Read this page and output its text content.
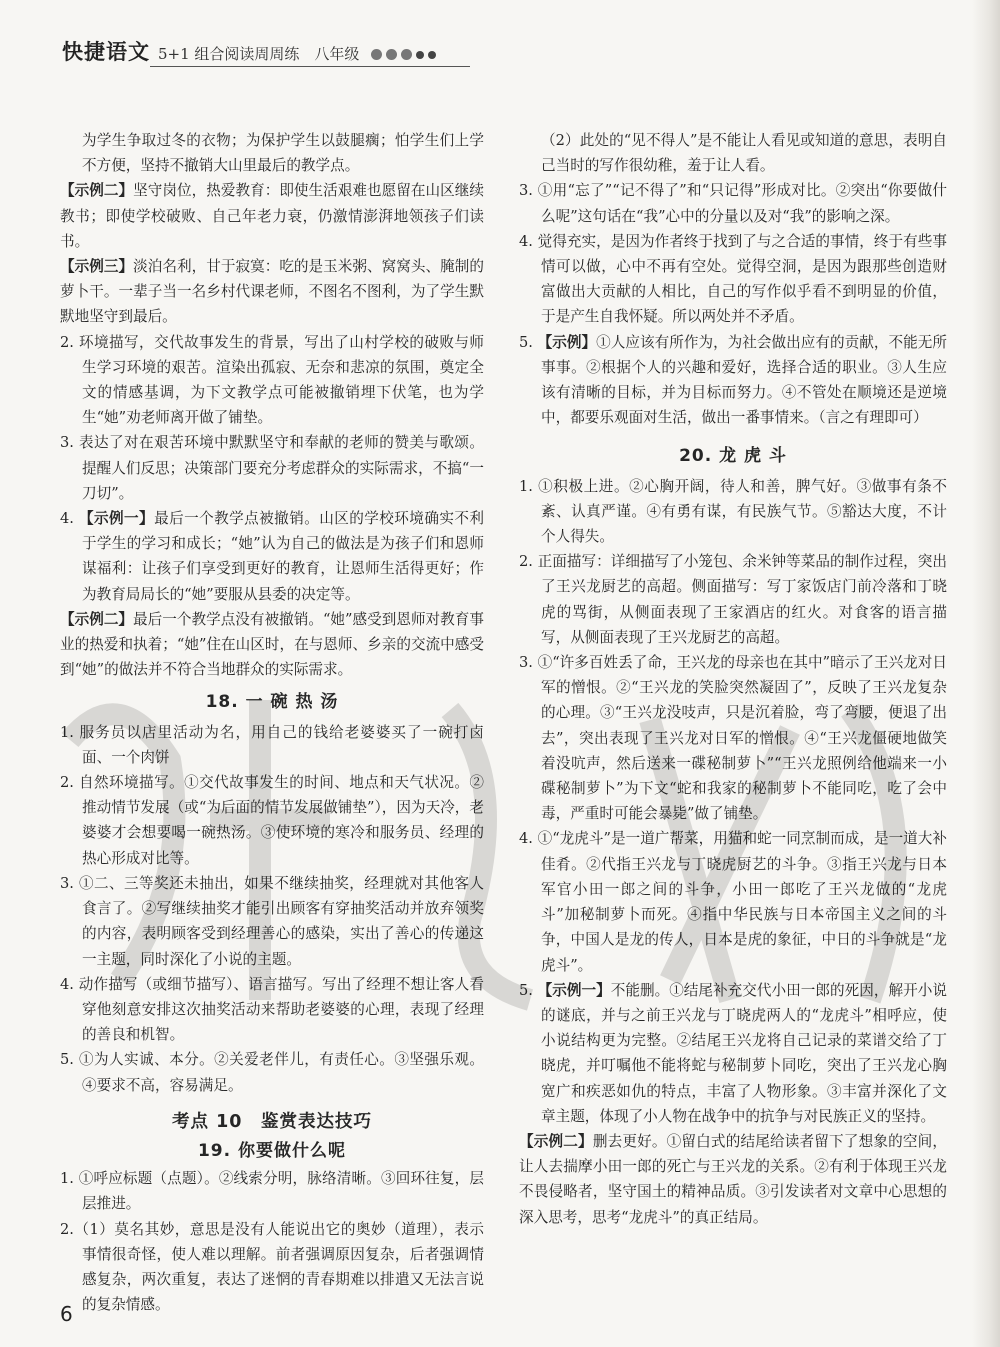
快捷语文 5+1 组合阅读周周练　八年级

为学生争取过冬的衣物；为保护学生以鼓腿瘸；怕学生们上学不方便，坚持不撤销大山里最后的教学点。

【示例二】坚守岗位，热爱教育：即使生活艰难也愿留在山区继续教书；即使学校破败、自己年老力衰，仍激情澎湃地领孩子们读书。

【示例三】淡泊名利，甘于寂寞：吃的是玉米粥、窝窝头、腌制的萝卜干。一辈子当一名乡村代课老师，不图名不图利，为了学生默默地坚守到最后。

2. 环境描写，交代故事发生的背景，写出了山村学校的破败与师生学习环境的艰苦。渲染出孤寂、无奈和悲凉的氛围，奠定全文的情感基调，为下文教学点可能被撤销埋下伏笔，也为学生“她”劝老师离开做了铺垫。

3. 表达了对在艰苦环境中默默坚守和奉献的老师的赞美与歌颂。提醒人们反思；决策部门要充分考虑群众的实际需求，不搞“一刀切”。

4. 【示例一】最后一个教学点被撤销。山区的学校环境确实不利于学生的学习和成长；“她”认为自己的做法是为孩子们和恩师谋福利：让孩子们享受到更好的教育，让恩师生活得更好；作为教育局局长的“她”要服从县委的决定等。

【示例二】最后一个教学点没有被撤销。“她”感受到恩师对教育事业的热爱和执着；“她”住在山区时，在与恩师、乡亲的交流中感受到“她”的做法并不符合当地群众的实际需求。

18. 一 碗 热 汤

1. 服务员以店里活动为名，用自己的钱给老婆婆买了一碗打卤面、一个肉饼

2. 自然环境描写。①交代故事发生的时间、地点和天气状况。②推动情节发展（或“为后面的情节发展做铺垫”），因为天冷，老婆婆才会想要喝一碗热汤。③使环境的寒冷和服务员、经理的热心形成对比等。

3. ①二、三等奖还未抽出，如果不继续抽奖，经理就对其他客人食言了。②写继续抽奖才能引出顾客有穿抽奖活动并放弃领奖的内容，表明顾客受到经理善心的感染，实出了善心的传递这一主题，同时深化了小说的主题。

4. 动作描写（或细节描写）、语言描写。写出了经理不想让客人看穿他刻意安排这次抽奖活动来帮助老婆婆的心理，表现了经理的善良和机智。

5. ①为人实诚、本分。②关爱老伴儿，有责任心。③坚强乐观。④要求不高，容易满足。

考点 10　鉴赏表达技巧
19. 你要做什么呢

1. ①呼应标题（点题）。②线索分明，脉络清晰。③回环往复，层层推进。

2.（1）莫名其妙，意思是没有人能说出它的奥妙（道理），表示事情很奇怪，使人难以理解。前者强调原因复杂，后者强调情感复杂，两次重复，表达了迷惘的青春期难以排遣又无法言说的复杂情感。

（2）此处的“见不得人”是不能让人看见或知道的意思，表明自己当时的写作很幼稚，羞于让人看。

3. ①用“忘了”“记不得了”和“只记得”形成对比。②突出“你要做什么呢”这句话在“我”心中的分量以及对“我”的影响之深。

4. 觉得充实，是因为作者终于找到了与之合适的事情，终于有些事情可以做，心中不再有空处。觉得空洞，是因为跟那些创造财富做出大贡献的人相比，自己的写作似乎看不到明显的价值，于是产生自我怀疑。所以两处并不矛盾。

5. 【示例】①人应该有所作为，为社会做出应有的贡献，不能无所事事。②根据个人的兴趣和爱好，选择合适的职业。③人生应该有清晰的目标，并为目标而努力。④不管处在顺境还是逆境中，都要乐观面对生活，做出一番事情来。（言之有理即可）

20. 龙 虎 斗

1. ①积极上进。②心胸开阔，待人和善，脾气好。③做事有条不紊、认真严谨。④有勇有谋，有民族气节。⑤豁达大度，不计个人得失。

2. 正面描写：详细描写了小笼包、余米钟等菜品的制作过程，突出了王兴龙厨艺的高超。侧面描写：写丁家饭店门前冷落和丁晓虎的骂街，从侧面表现了王家酒店的红火。对食客的语言描写，从侧面表现了王兴龙厨艺的高超。

3. ①“许多百姓丢了命，王兴龙的母亲也在其中”暗示了王兴龙对日军的憎恨。②“王兴龙的笑脸突然凝固了”，反映了王兴龙复杂的心理。③“王兴龙没吱声，只是沉着脸，弯了弯腰，便退了出去”，突出表现了王兴龙对日军的憎恨。④“王兴龙僵硬地做笑着没吭声，然后送来一碟秘制萝卜”“王兴龙照例给他端来一小碟秘制萝卜”为下文“蛇和我家的秘制萝卜不能同吃，吃了会中毒，严重时可能会暴毙”做了铺垫。

4. ①“龙虎斗”是一道广帮菜，用猫和蛇一同烹制而成，是一道大补佳肴。②代指王兴龙与丁晓虎厨艺的斗争。③指王兴龙与日本军官小田一郎之间的斗争，小田一郎吃了王兴龙做的“龙虎斗”加秘制萝卜而死。④指中华民族与日本帝国主义之间的斗争，中国人是龙的传人，日本是虎的象征，中日的斗争就是“龙虎斗”。

5. 【示例一】不能删。①结尾补充交代小田一郎的死因，解开小说的谜底，并与之前王兴龙与丁晓虎两人的“龙虎斗”相呼应，使小说结构更为完整。②结尾王兴龙将自己记录的菜谱交给了丁晓虎，并叮嘱他不能将蛇与秘制萝卜同吃，突出了王兴龙心胸宽广和疾恶如仇的特点，丰富了人物形象。③丰富并深化了文章主题，体现了小人物在战争中的抗争与对民族正义的坚持。

【示例二】删去更好。①留白式的结尾给读者留下了想象的空间，让人去揣摩小田一郎的死亡与王兴龙的关系。②有利于体现王兴龙不畏侵略者，坚守国土的精神品质。③引发读者对文章中心思想的深入思考，思考“龙虎斗”的真正结局。

6
